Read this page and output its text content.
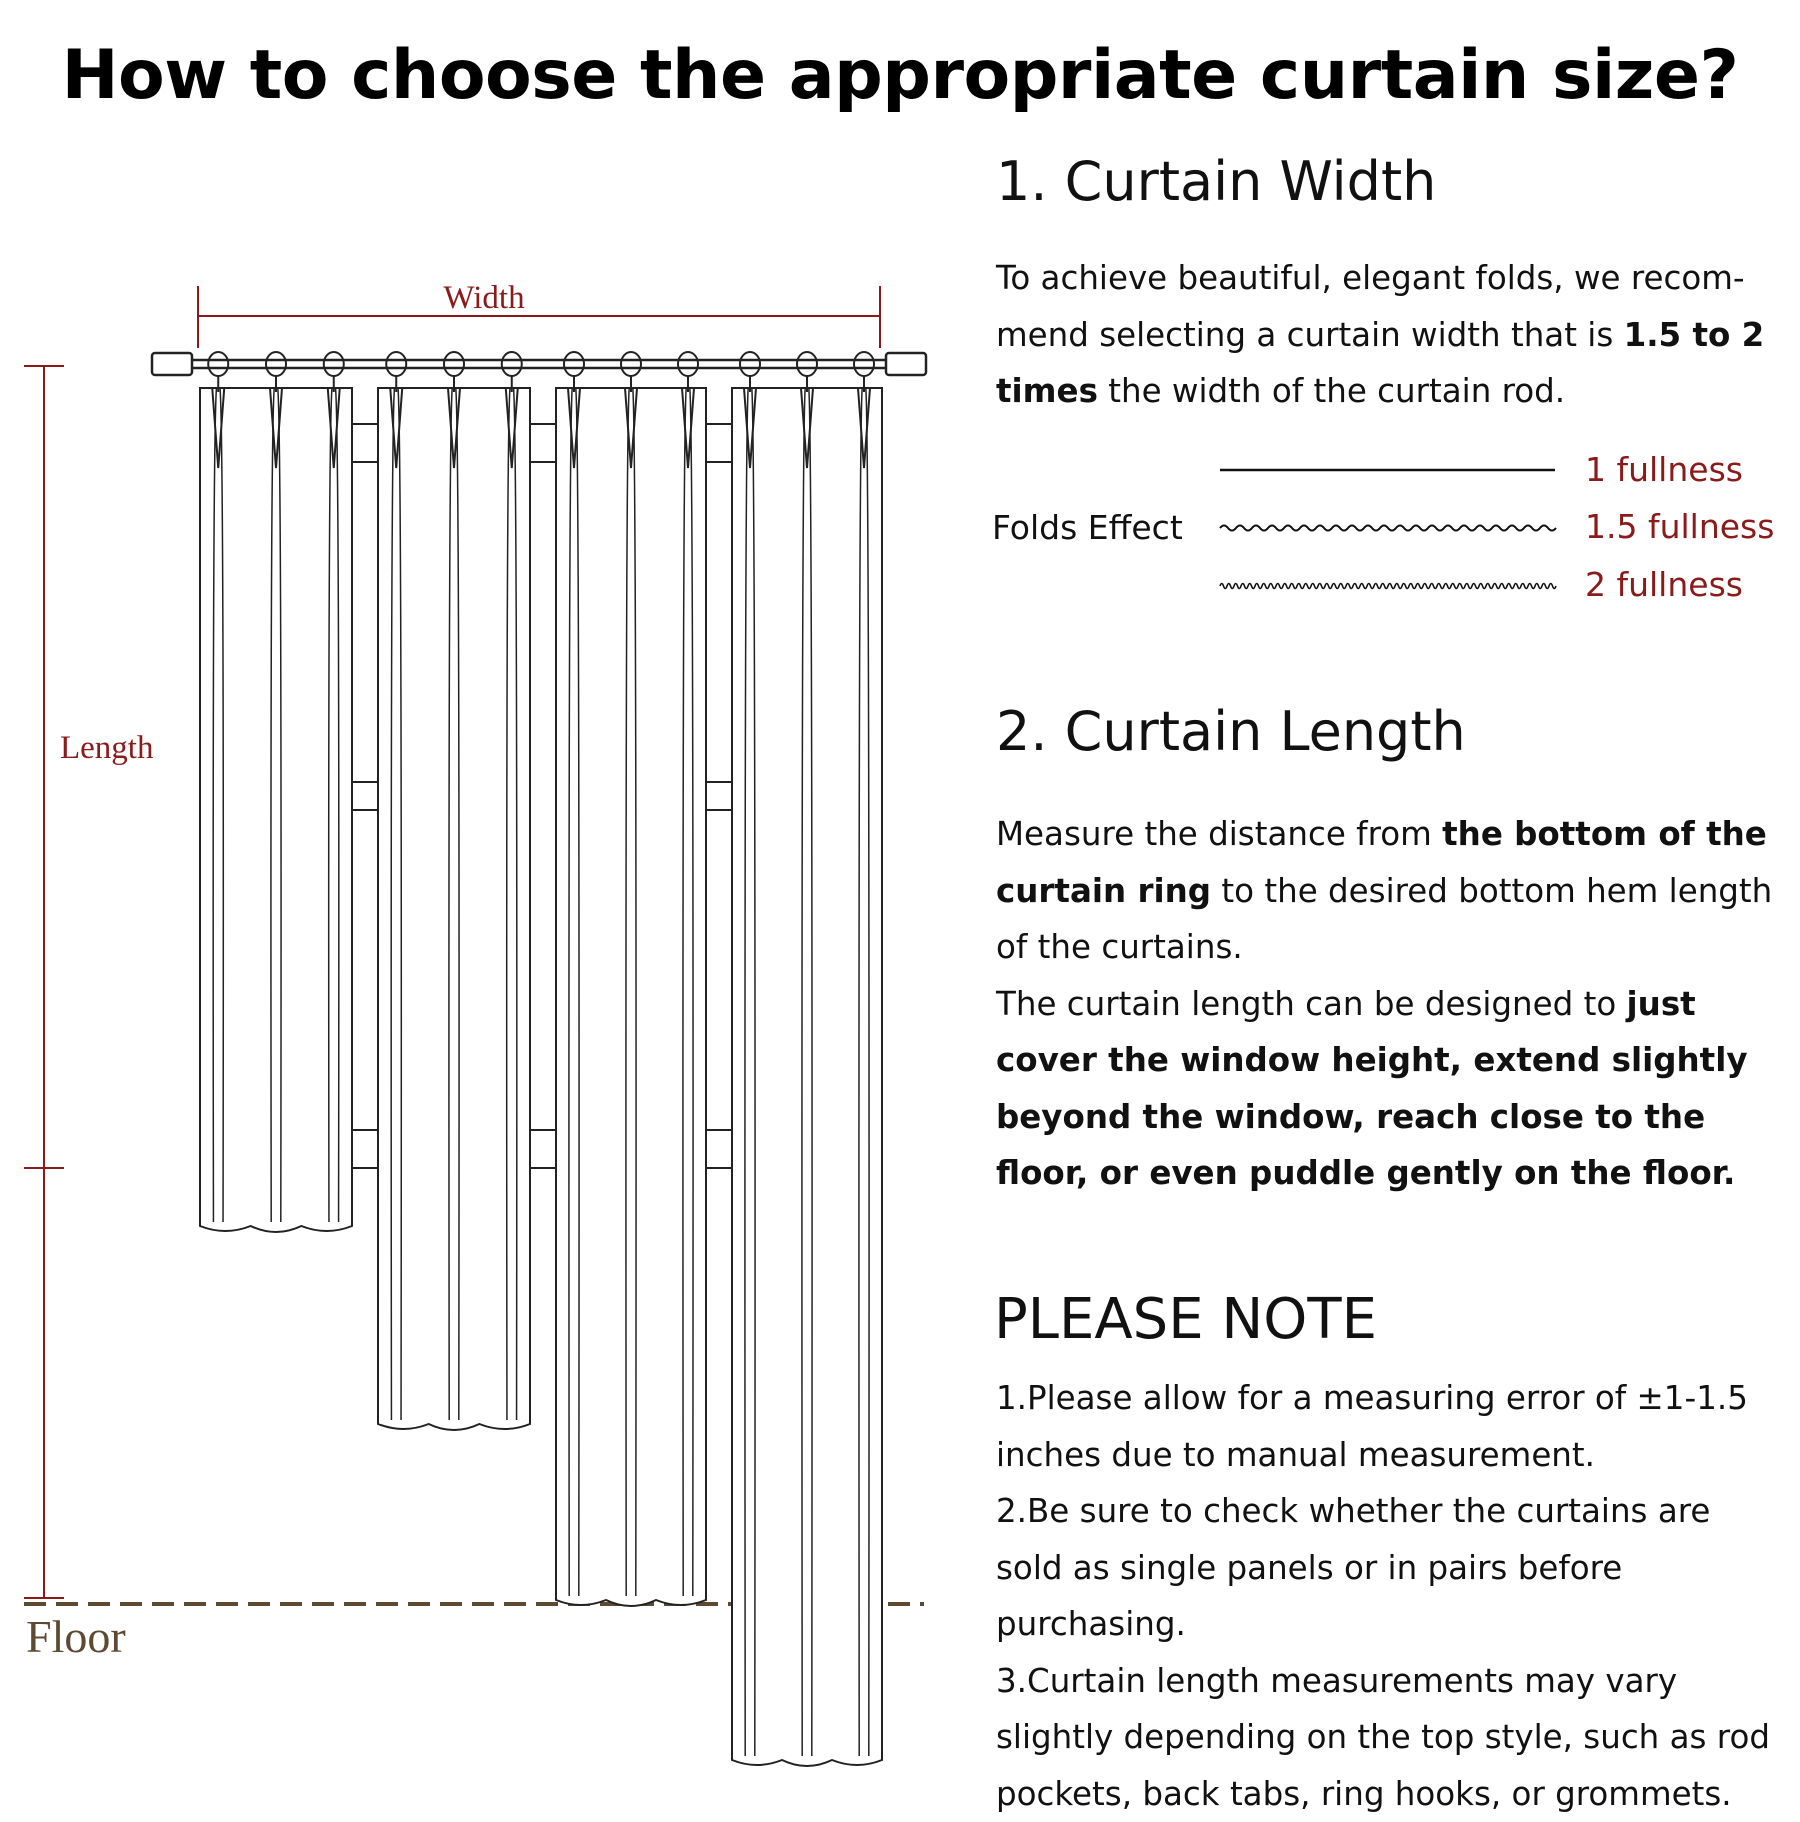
How to choose the appropriate curtain size?
Width
Length
Floor
1. Curtain Width
To achieve beautiful, elegant folds, we recom-mend selecting a curtain width that is 1.5 to 2 times the width of the curtain rod.
Folds Effect
1 fullness
1.5 fullness
2 fullness
2. Curtain Length
Measure the distance from the bottom of the curtain ring to the desired bottom hem length of the curtains.
The curtain length can be designed to just cover the window height, extend slightly beyond the window, reach close to the floor, or even puddle gently on the floor.
PLEASE NOTE
1.Please allow for a measuring error of ±1-1.5 inches due to manual measurement.
2.Be sure to check whether the curtains are sold as single panels or in pairs before purchasing.
3.Curtain length measurements may vary slightly depending on the top style, such as rod pockets, back tabs, ring hooks, or grommets.
